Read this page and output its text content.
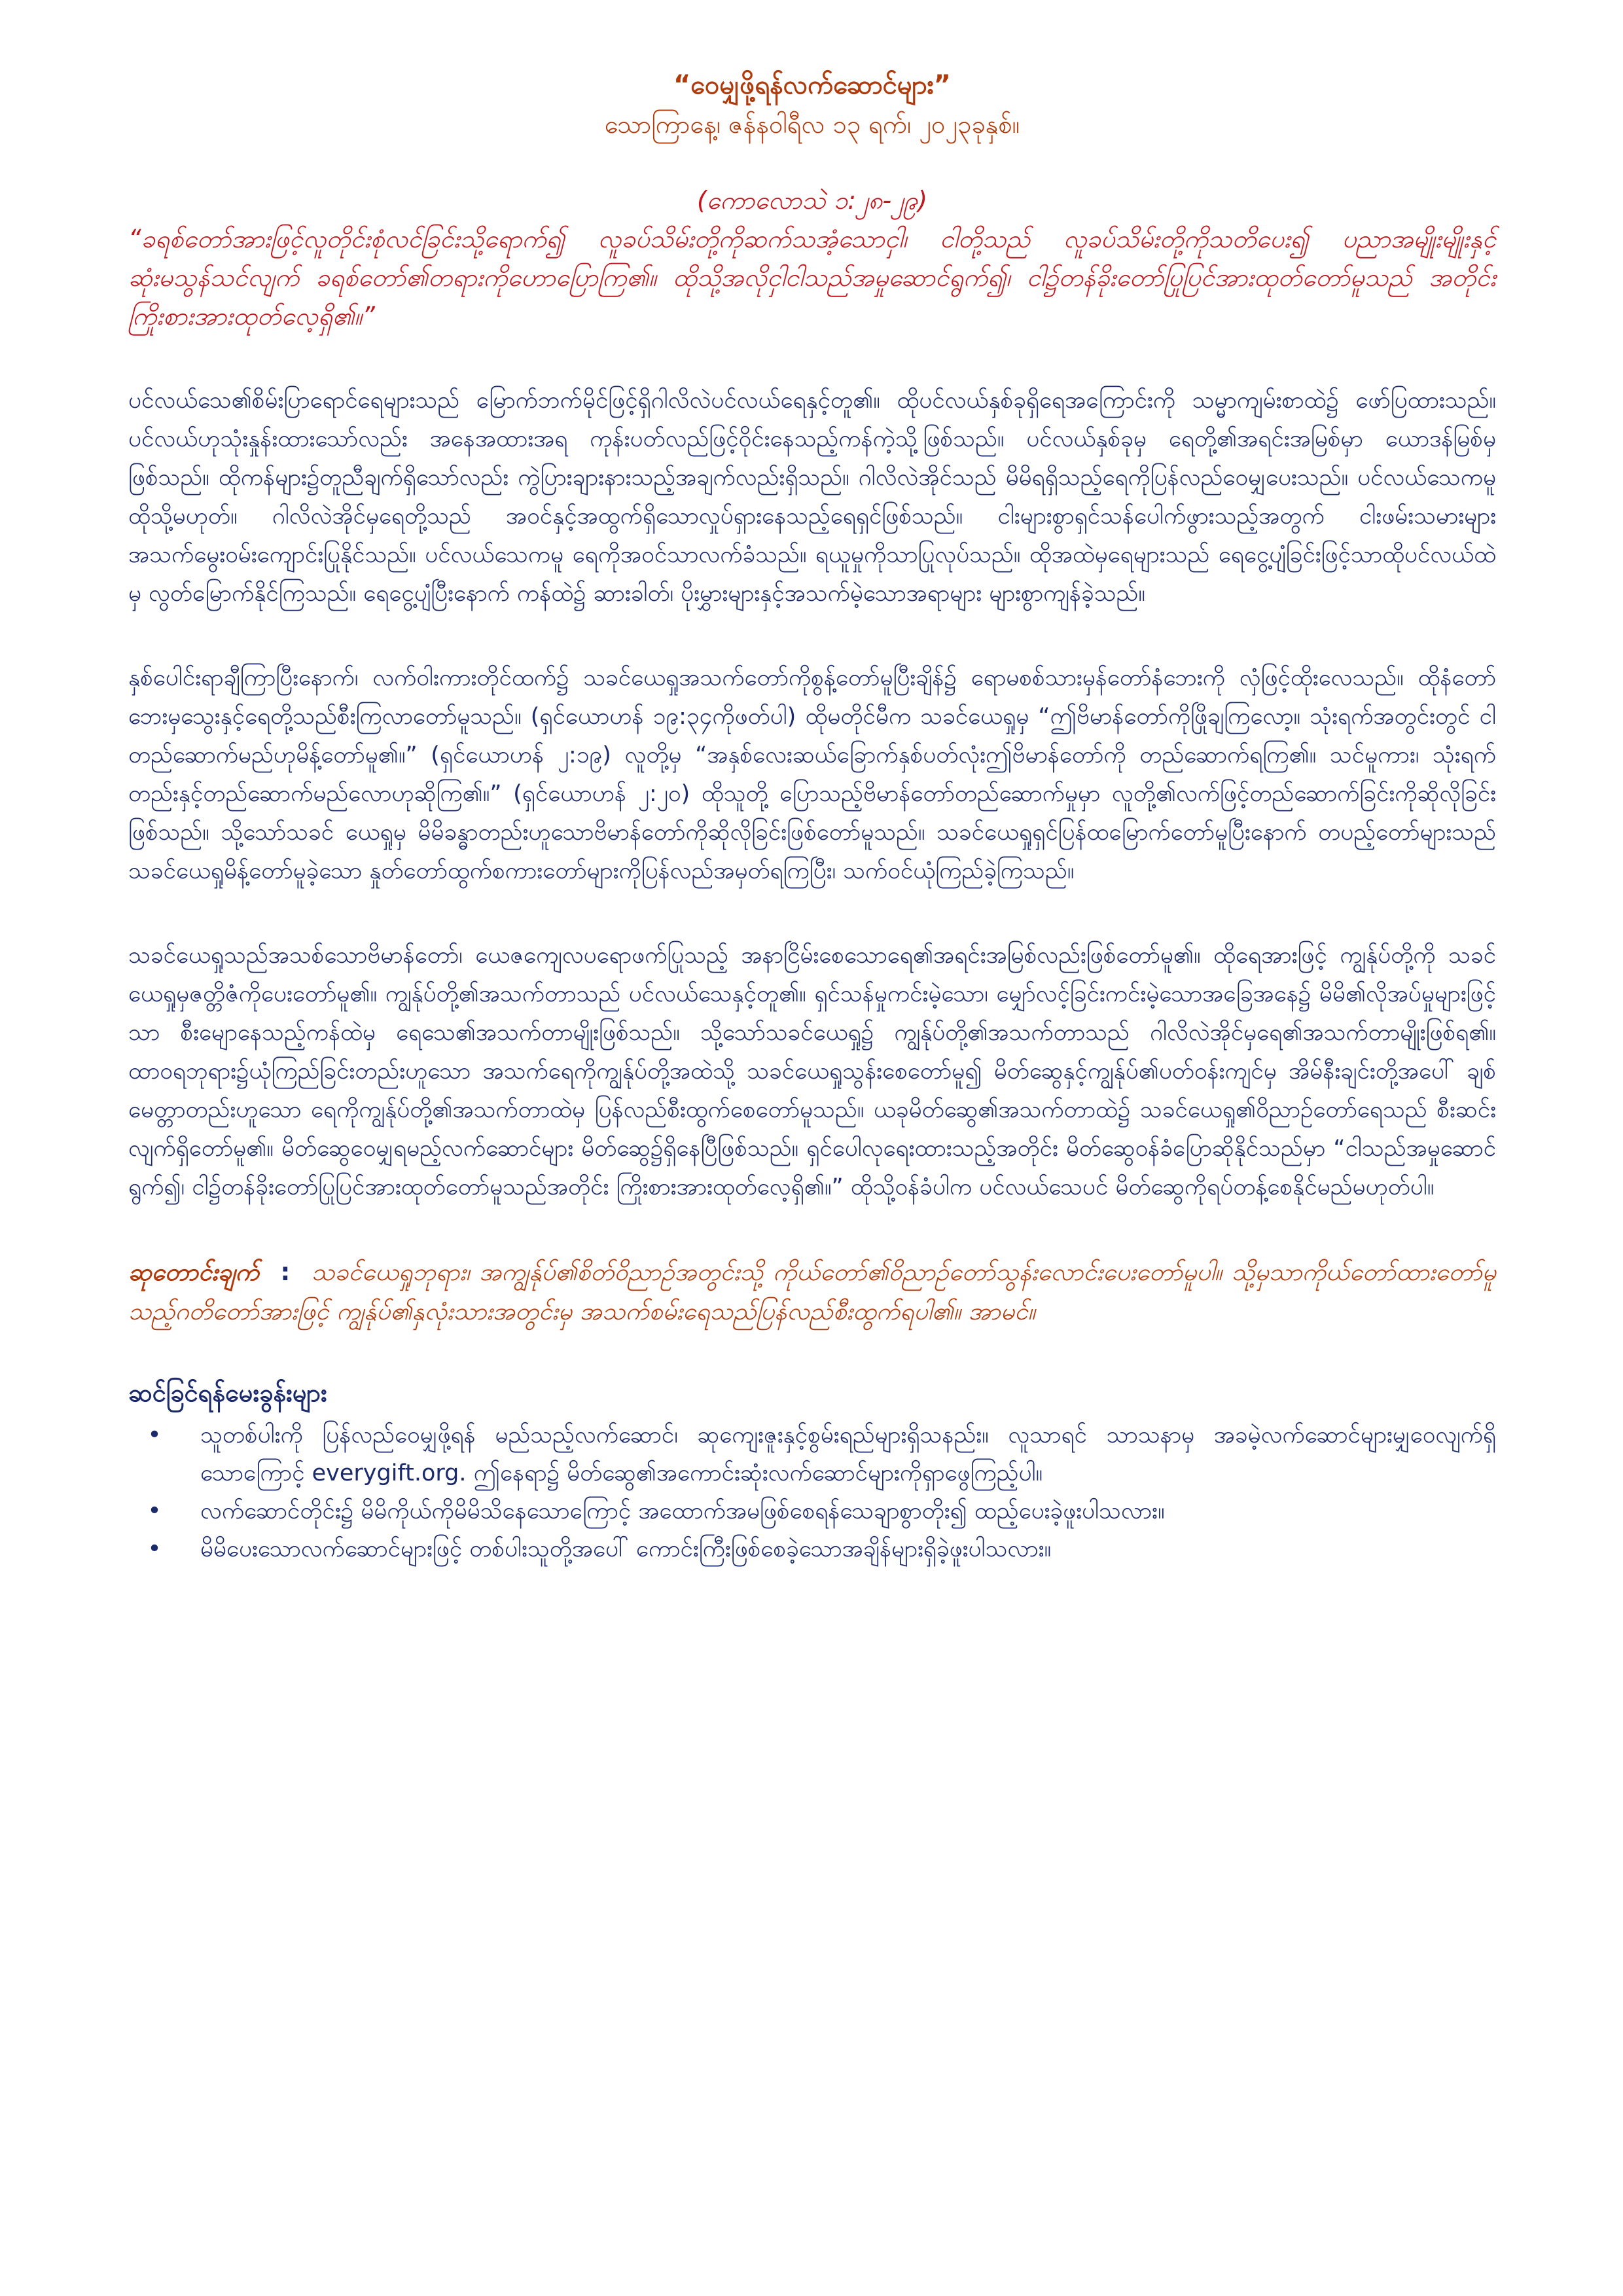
“ဝေမျှဖို့ရန်လက်ဆောင်များ”

သောကြာနေ့၊ ဇန်နဝါရီလ ၁၃ ရက်၊ ၂၀၂၃ခုနှစ်။

(ကောလောသဲ ၁:၂၈-၂၉)

“ခရစ်တော်အားဖြင့်လူတိုင်းစုံလင်ခြင်းသို့ရောက်၍ လူခပ်သိမ်းတို့ကိုဆက်သအံ့သောငှါ၊ ငါတို့သည် လူခပ်သိမ်းတို့ကိုသတိပေး၍ ပညာအမျိုးမျိုးနှင့် ဆုံးမသွန်သင်လျက် ခရစ်တော်၏တရားကိုဟောပြောကြ၏။ ထိုသို့အလိုငှါငါသည်အမှုဆောင်ရွက်၍၊ ငါ၌တန်ခိုးတော်ပြုပြင်အားထုတ်တော်မူသည် အတိုင်းကြိုးစားအားထုတ်လေ့ရှိ၏။”

ပင်လယ်သေ၏စိမ်းပြာရောင်ရေများသည် မြောက်ဘက်မိုင်ဖြင့်ရှိဂါလိလဲပင်လယ်ရေနှင့်တူ၏။ ထိုပင်လယ်နှစ်ခုရှိရေအကြောင်းကို သမ္မာကျမ်းစာထဲ၌ ဖော်ပြထားသည်။ ပင်လယ်ဟုသုံးနှုန်းထားသော်လည်း အနေအထားအရ ကုန်းပတ်လည်ဖြင့်ဝိုင်းနေသည့်ကန်ကဲ့သို့ဖြစ်သည်။ ပင်လယ်နှစ်ခုမှ ရေတို့၏အရင်းအမြစ်မှာ ယောဒန်မြစ်မှဖြစ်သည်။ ထိုကန်များ၌တူညီချက်ရှိသော်လည်း ကွဲပြားချားနားသည့်အချက်လည်းရှိသည်။ ဂါလိလဲအိုင်သည် မိမိရရှိသည့်ရေကိုပြန်လည်ဝေမျှပေးသည်။ ပင်လယ်သေကမူထိုသို့မဟုတ်။ ဂါလိလဲအိုင်မှရေတို့သည် အဝင်နှင့်အထွက်ရှိသောလှုပ်ရှားနေသည့်ရေရှင်ဖြစ်သည်။ ငါးများစွာရှင်သန်ပေါက်ဖွားသည့်အတွက် ငါးဖမ်းသမားများအသက်မွေးဝမ်းကျောင်းပြုနိုင်သည်။ ပင်လယ်သေကမူ ရေကိုအဝင်သာလက်ခံသည်။ ရယူမှုကိုသာပြုလုပ်သည်။ ထိုအထဲမှရေများသည် ရေငွေ့ပျံခြင်းဖြင့်သာထိုပင်လယ်ထဲမှ လွတ်မြောက်နိုင်ကြသည်။ ရေငွေ့ပျံပြီးနောက် ကန်ထဲ၌ ဆားခါတ်၊ ပိုးမွှားများနှင့်အသက်မဲ့သောအရာများ များစွာကျန်ခဲ့သည်။

နှစ်ပေါင်းရာချီကြာပြီးနောက်၊ လက်ဝါးကားတိုင်ထက်၌ သခင်ယေရှုအသက်တော်ကိုစွန့်တော်မူပြီးချိန်၌ ရောမစစ်သားမှန်တော်နံဘေးကို လှံဖြင့်ထိုးလေသည်။ ထိုနံတော်ဘေးမှသွေးနှင့်ရေတို့သည်စီးကြလာတော်မူသည်။ (ရှင်ယောဟန် ၁၉:၃၄ကိုဖတ်ပါ) ထိုမတိုင်မီက သခင်ယေရှုမှ “ဤဗိမာန်တော်ကိုဖြိုချကြလော့။ သုံးရက်အတွင်းတွင် ငါတည်ဆောက်မည်ဟုမိန့်တော်မူ၏။” (ရှင်ယောဟန် ၂:၁၉) လူတို့မှ “အနှစ်လေးဆယ်ခြောက်နှစ်ပတ်လုံးဤဗိမာန်တော်ကို တည်ဆောက်ရကြ၏။ သင်မူကား၊ သုံးရက်တည်းနှင့်တည်ဆောက်မည်လောဟုဆိုကြ၏။” (ရှင်ယောဟန် ၂:၂၀) ထိုသူတို့ ပြောသည့်ဗိမာန်တော်တည်ဆောက်မှုမှာ လူတို့၏လက်ဖြင့်တည်ဆောက်ခြင်းကိုဆိုလိုခြင်းဖြစ်သည်။ သို့သော်သခင် ယေရှုမှ မိမိခန္ဓာတည်းဟူသောဗိမာန်တော်ကိုဆိုလိုခြင်းဖြစ်တော်မူသည်။ သခင်ယေရှုရှင်ပြန်ထမြောက်တော်မူပြီးနောက် တပည့်တော်များသည် သခင်ယေရှုမိန့်တော်မူခဲ့သော နှုတ်တော်ထွက်စကားတော်များကိုပြန်လည်အမှတ်ရကြပြီး၊ သက်ဝင်ယုံကြည်ခဲ့ကြသည်။

သခင်ယေရှုသည်အသစ်သောဗိမာန်တော်၊ ယေဇကျေလပရောဖက်ပြုသည့် အနာငြိမ်းစေသောရေ၏အရင်းအမြစ်လည်းဖြစ်တော်မူ၏။ ထိုရေအားဖြင့် ကျွန်ုပ်တို့ကို သခင်ယေရှုမှဇတ္တိဇံကိုပေးတော်မူ၏။ ကျွန်ုပ်တို့၏အသက်တာသည် ပင်လယ်သေနှင့်တူ၏။ ရှင်သန်မှုကင်းမဲ့သော၊ မျှော်လင့်ခြင်းကင်းမဲ့သောအခြေအနေ၌ မိမိ၏လိုအပ်မှုများဖြင့်သာ စီးမျောနေသည့်ကန်ထဲမှ ရေသေ၏အသက်တာမျိုးဖြစ်သည်။ သို့သော်သခင်ယေရှု၌ ကျွန်ုပ်တို့၏အသက်တာသည် ဂါလိလဲအိုင်မှရေ၏အသက်တာမျိုးဖြစ်ရ၏။ ထာဝရဘုရား၌ယုံကြည်ခြင်းတည်းဟူသော အသက်ရေကိုကျွန်ုပ်တို့အထဲသို့ သခင်ယေရှုသွန်းစေတော်မူ၍ မိတ်ဆွေနှင့်ကျွန်ုပ်၏ပတ်ဝန်းကျင်မှ အိမ်နီးချင်းတို့အပေါ် ချစ်မေတ္တာတည်းဟူသော ရေကိုကျွန်ုပ်တို့၏အသက်တာထဲမှ ပြန်လည်စီးထွက်စေတော်မူသည်။ ယခုမိတ်ဆွေ၏အသက်တာထဲ၌ သခင်ယေရှု၏ဝိညာဉ်တော်ရေသည် စီးဆင်းလျက်ရှိတော်မူ၏။ မိတ်ဆွေဝေမျှရမည့်လက်ဆောင်များ မိတ်ဆွေ၌ရှိနေပြီဖြစ်သည်။ ရှင်ပေါလုရေးထားသည့်အတိုင်း မိတ်ဆွေဝန်ခံပြောဆိုနိုင်သည်မှာ “ငါသည်အမှုဆောင်ရွက်၍၊ ငါ၌တန်ခိုးတော်ပြုပြင်အားထုတ်တော်မူသည်အတိုင်း ကြိုးစားအားထုတ်လေ့ရှိ၏။” ထိုသို့ဝန်ခံပါက ပင်လယ်သေပင် မိတ်ဆွေကိုရပ်တန့်စေနိုင်မည်မဟုတ်ပါ။

ဆုတောင်းချက် : သခင်ယေရှုဘုရား၊ အကျွန်ုပ်၏စိတ်ဝိညာဉ်အတွင်းသို့ ကိုယ်တော်၏ဝိညာဉ်တော်သွန်းလောင်းပေးတော်မူပါ။ သို့မှသာကိုယ်တော်ထားတော်မူသည့်ဂတိတော်အားဖြင့် ကျွန်ုပ်၏နှလုံးသားအတွင်းမှ အသက်စမ်းရေသည်ပြန်လည်စီးထွက်ရပါ၏။ အာမင်။

ဆင်ခြင်ရန်မေးခွန်းများ
• သူတစ်ပါးကို ပြန်လည်ဝေမျှဖို့ရန် မည်သည့်လက်ဆောင်၊ ဆုကျေးဇူးနှင့်စွမ်းရည်များရှိသနည်း။ လူသာရင် သာသနာမှ အခမဲ့လက်ဆောင်များမျှဝေလျက်ရှိသောကြောင့် everygift.org. ဤနေရာ၌ မိတ်ဆွေ၏အကောင်းဆုံးလက်ဆောင်များကိုရှာဖွေကြည့်ပါ။
• လက်ဆောင်တိုင်း၌ မိမိကိုယ်ကိုမိမိသိနေသောကြောင့် အထောက်အမဖြစ်စေရန်သေချာစွာတိုး၍ ထည့်ပေးခဲ့ဖူးပါသလား။
• မိမိပေးသောလက်ဆောင်များဖြင့် တစ်ပါးသူတို့အပေါ် ကောင်းကြီးဖြစ်စေခဲ့သောအချိန်များရှိခဲ့ဖူးပါသလား။
